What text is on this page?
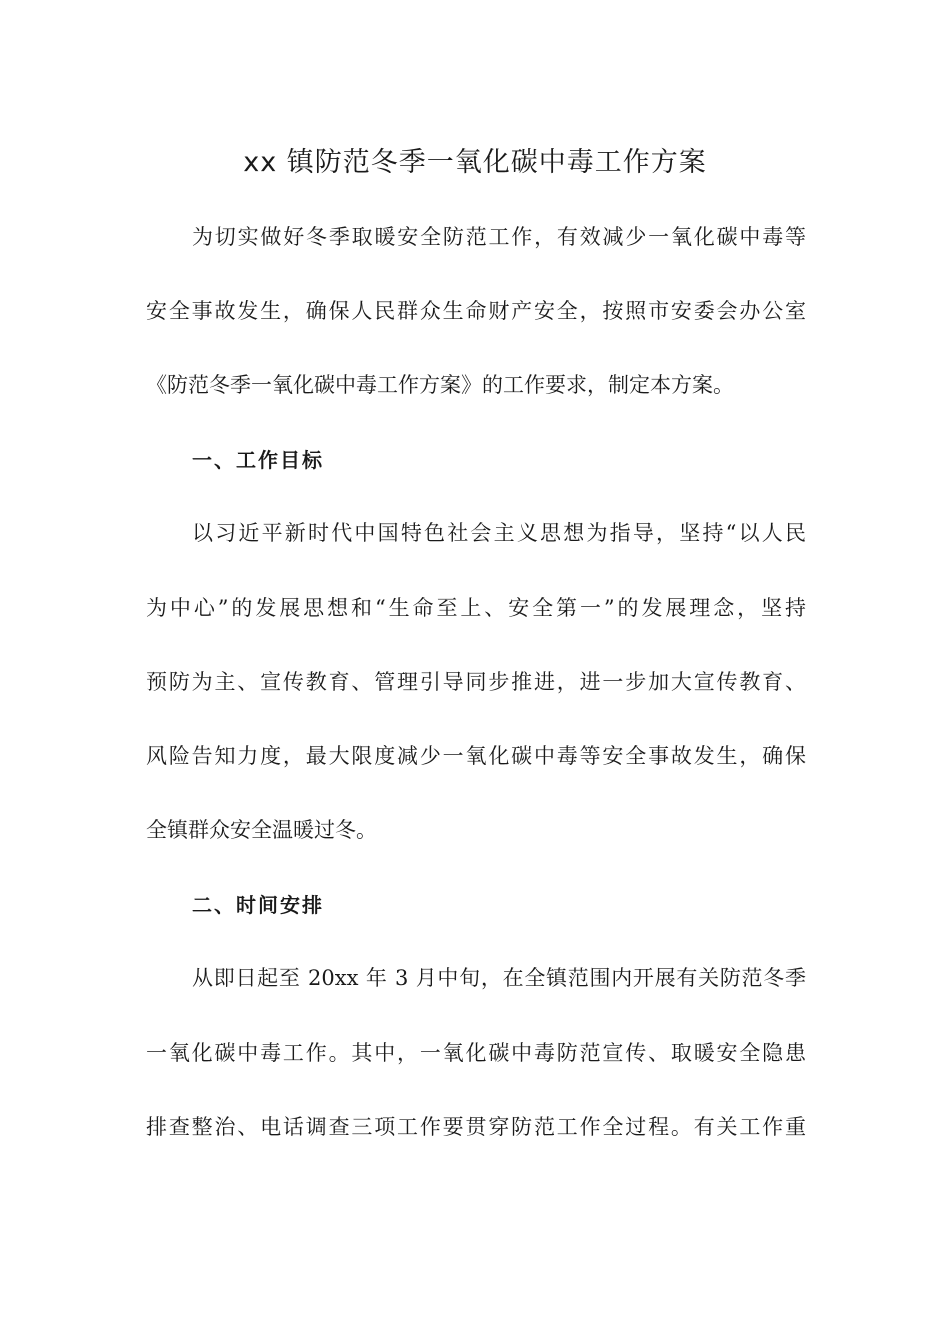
xx 镇防范冬季一氧化碳中毒工作方案

为切实做好冬季取暖安全防范工作，有效减少一氧化碳中毒等

安全事故发生，确保人民群众生命财产安全，按照市安委会办公室

《防范冬季一氧化碳中毒工作方案》的工作要求，制定本方案。

一、工作目标

以习近平新时代中国特色社会主义思想为指导，坚持“以人民

为中心”的发展思想和“生命至上、安全第一”的发展理念，坚持

预防为主、宣传教育、管理引导同步推进，进一步加大宣传教育、

风险告知力度，最大限度减少一氧化碳中毒等安全事故发生，确保

全镇群众安全温暖过冬。

二、时间安排

从即日起至 20xx 年 3 月中旬，在全镇范围内开展有关防范冬季

一氧化碳中毒工作。其中，一氧化碳中毒防范宣传、取暖安全隐患

排查整治、电话调查三项工作要贯穿防范工作全过程。有关工作重
